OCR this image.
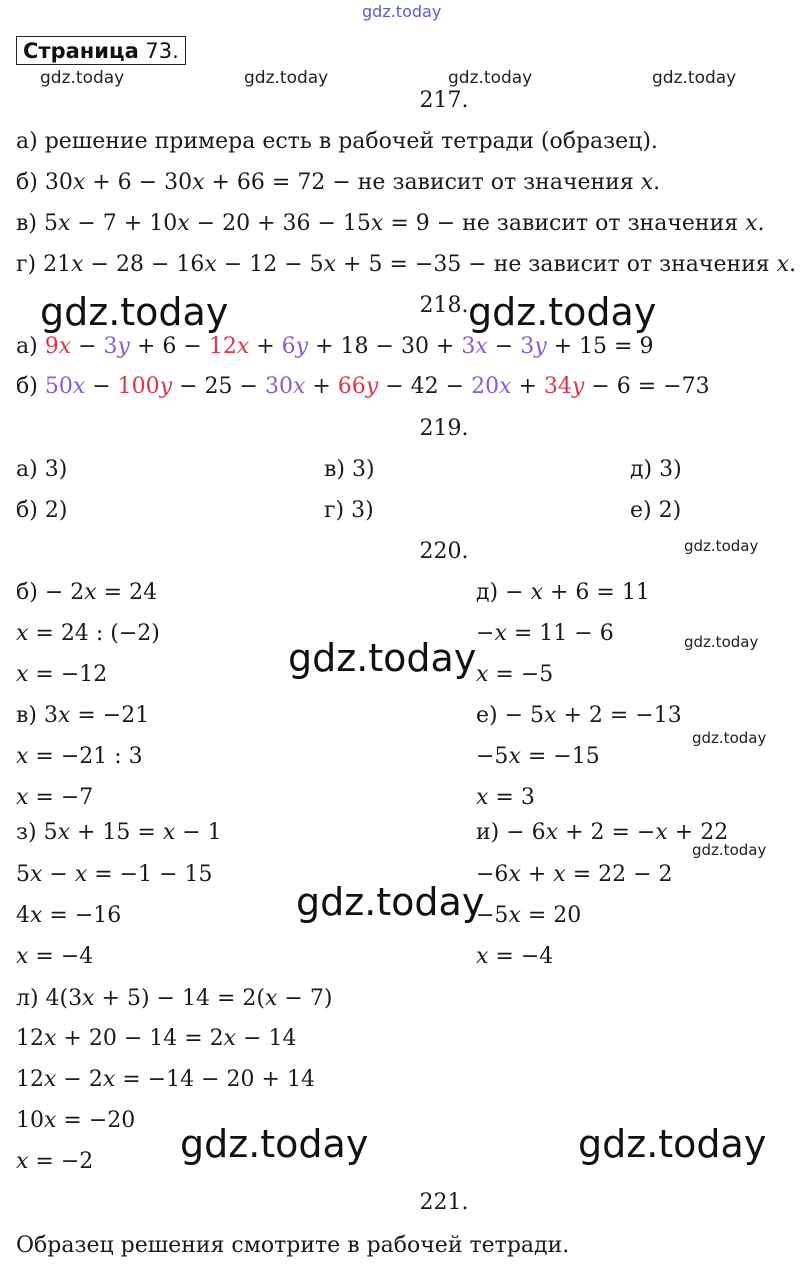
gdz.today
gdz.today	gdz.today	gdz.today	gdz.today
gdz.today	gdz.today
gdz.today
gdz.today	gdz.today
gdz.today
gdz.today
gdz.today
gdz.today	gdz.today
Страница 73.
217.
а) решение примера есть в рабочей тетради (образец).
б) 30x + 6 − 30x + 66 = 72 − не зависит от значения x.
в) 5x − 7 + 10x − 20 + 36 − 15x = 9 − не зависит от значения x.
г) 21x − 28 − 16x − 12 − 5x + 5 = −35 − не зависит от значения x.
218.
а) 9x − 3y + 6 − 12x + 6y + 18 − 30 + 3x − 3y + 15 = 9
б) 50x − 100y − 25 − 30x + 66y − 42 − 20x + 34y − 6 = −73
219.
а) 3)	в) 3)	д) 3)
б) 2)	г) 3)	е) 2)
220.
б) − 2x = 24
x = 24 : (−2)
x = −12
в) 3x = −21
x = −21 : 3
x = −7
з) 5x + 15 = x − 1
5x − x = −1 − 15
4x = −16
x = −4
л) 4(3x + 5) − 14 = 2(x − 7)
12x + 20 − 14 = 2x − 14
12x − 2x = −14 − 20 + 14
10x = −20
x = −2
д) − x + 6 = 11
−x = 11 − 6
x = −5
е) − 5x + 2 = −13
−5x = −15
x = 3
и) − 6x + 2 = −x + 22
−6x + x = 22 − 2
−5x = 20
x = −4
221.
Образец решения смотрите в рабочей тетради.
